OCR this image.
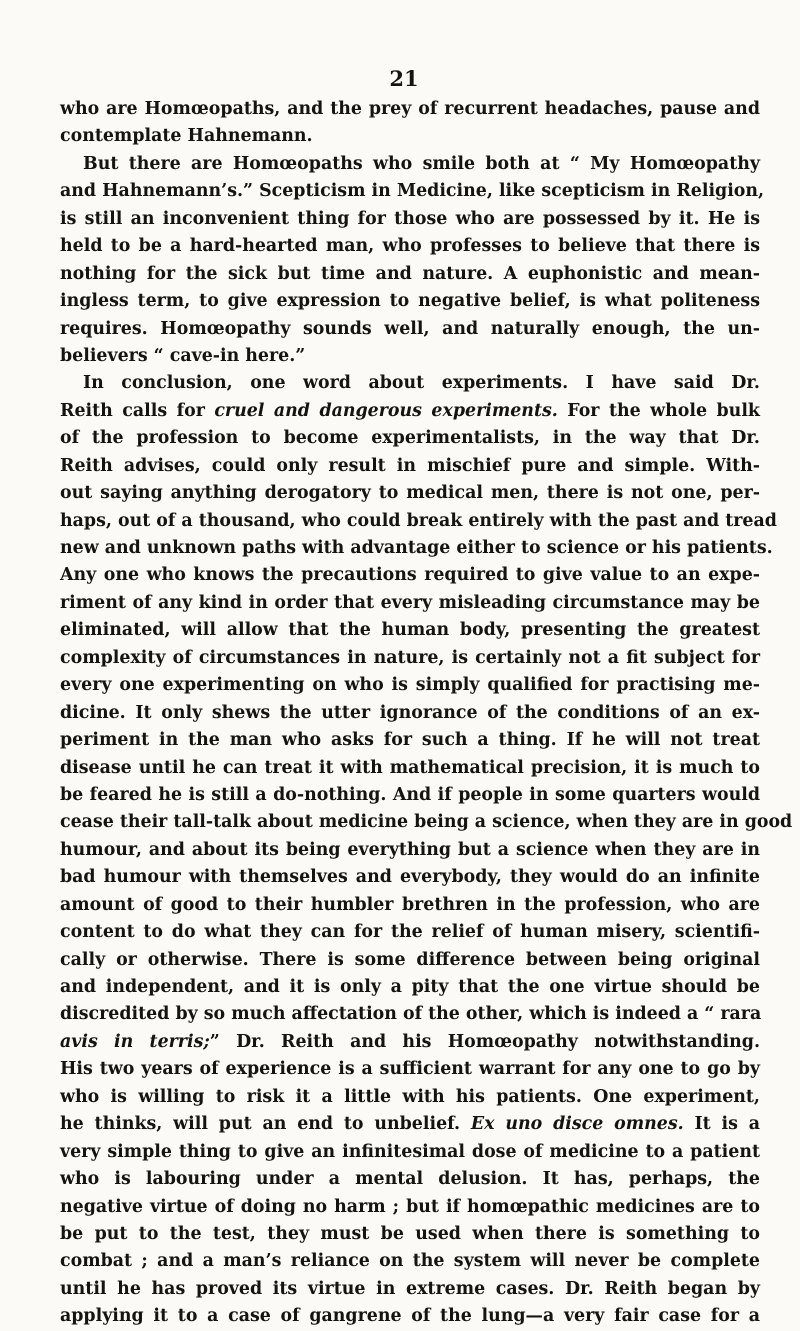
21
who are Homœopaths, and the prey of recurrent headaches, pause and
contemplate Hahnemann.
But there are Homœopaths who smile both at “ My Homœopathy
and Hahnemann’s.” Scepticism in Medicine, like scepticism in Religion,
is still an inconvenient thing for those who are possessed by it. He is
held to be a hard-hearted man, who professes to believe that there is
nothing for the sick but time and nature. A euphonistic and mean-
ingless term, to give expression to negative belief, is what politeness
requires. Homœopathy sounds well, and naturally enough, the un-
believers “ cave-in here.”
In conclusion, one word about experiments. I have said Dr.
Reith calls for cruel and dangerous experiments. For the whole bulk
of the profession to become experimentalists, in the way that Dr.
Reith advises, could only result in mischief pure and simple. With-
out saying anything derogatory to medical men, there is not one, per-
haps, out of a thousand, who could break entirely with the past and tread
new and unknown paths with advantage either to science or his patients.
Any one who knows the precautions required to give value to an expe-
riment of any kind in order that every misleading circumstance may be
eliminated, will allow that the human body, presenting the greatest
complexity of circumstances in nature, is certainly not a fit subject for
every one experimenting on who is simply qualified for practising me-
dicine. It only shews the utter ignorance of the conditions of an ex-
periment in the man who asks for such a thing. If he will not treat
disease until he can treat it with mathematical precision, it is much to
be feared he is still a do-nothing. And if people in some quarters would
cease their tall-talk about medicine being a science, when they are in good
humour, and about its being everything but a science when they are in
bad humour with themselves and everybody, they would do an infinite
amount of good to their humbler brethren in the profession, who are
content to do what they can for the relief of human misery, scientifi-
cally or otherwise. There is some difference between being original
and independent, and it is only a pity that the one virtue should be
discredited by so much affectation of the other, which is indeed a “ rara
avis in terris;” Dr. Reith and his Homœopathy notwithstanding.
His two years of experience is a sufficient warrant for any one to go by
who is willing to risk it a little with his patients. One experiment,
he thinks, will put an end to unbelief. Ex uno disce omnes. It is a
very simple thing to give an infinitesimal dose of medicine to a patient
who is labouring under a mental delusion. It has, perhaps, the
negative virtue of doing no harm ; but if homœpathic medicines are to
be put to the test, they must be used when there is something to
combat ; and a man’s reliance on the system will never be complete
until he has proved its virtue in extreme cases. Dr. Reith began by
applying it to a case of gangrene of the lung—a very fair case for a
